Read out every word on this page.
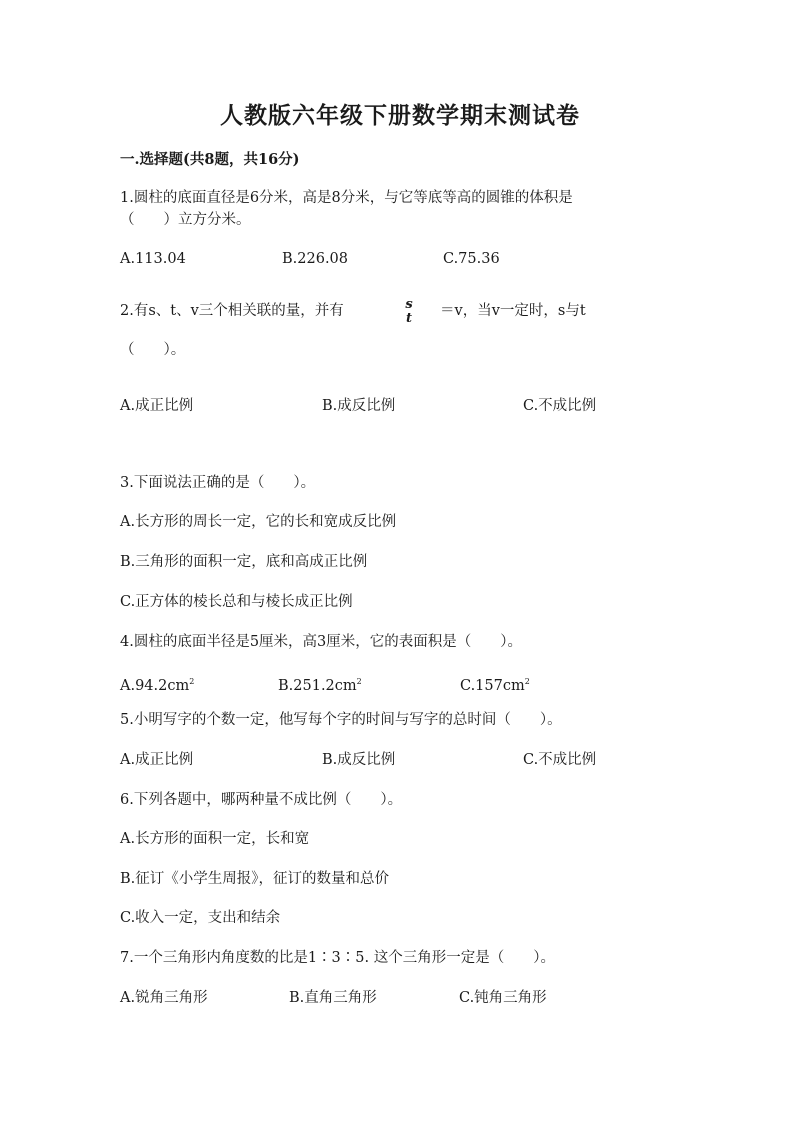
人教版六年级下册数学期末测试卷
一.选择题(共8题，共16分)
1.圆柱的底面直径是6分米，高是8分米，与它等底等高的圆锥的体积是
（　　）立方分米。
A.113.04	B.226.08	C.75.36
2.有s、t、v三个相关联的量，并有	s
t	＝v，当v一定时，s与t
（　　）。
A.成正比例	B.成反比例	C.不成比例
3.下面说法正确的是（　　）。
A.长方形的周长一定，它的长和宽成反比例
B.三角形的面积一定，底和高成正比例
C.正方体的棱长总和与棱长成正比例
4.圆柱的底面半径是5厘米，高3厘米，它的表面积是（　　）。
$A.94.2cm^2$	$B.251.2cm^2$	$C.157cm^2$
5.小明写字的个数一定，他写每个字的时间与写字的总时间（　　）。
A.成正比例	B.成反比例	C.不成比例
6.下列各题中，哪两种量不成比例（　　）。
A.长方形的面积一定，长和宽
B.征订《小学生周报》，征订的数量和总价
C.收入一定，支出和结余
7.一个三角形内角度数的比是1∶3∶5. 这个三角形一定是（　　）。
A.锐角三角形	B.直角三角形	C.钝角三角形
